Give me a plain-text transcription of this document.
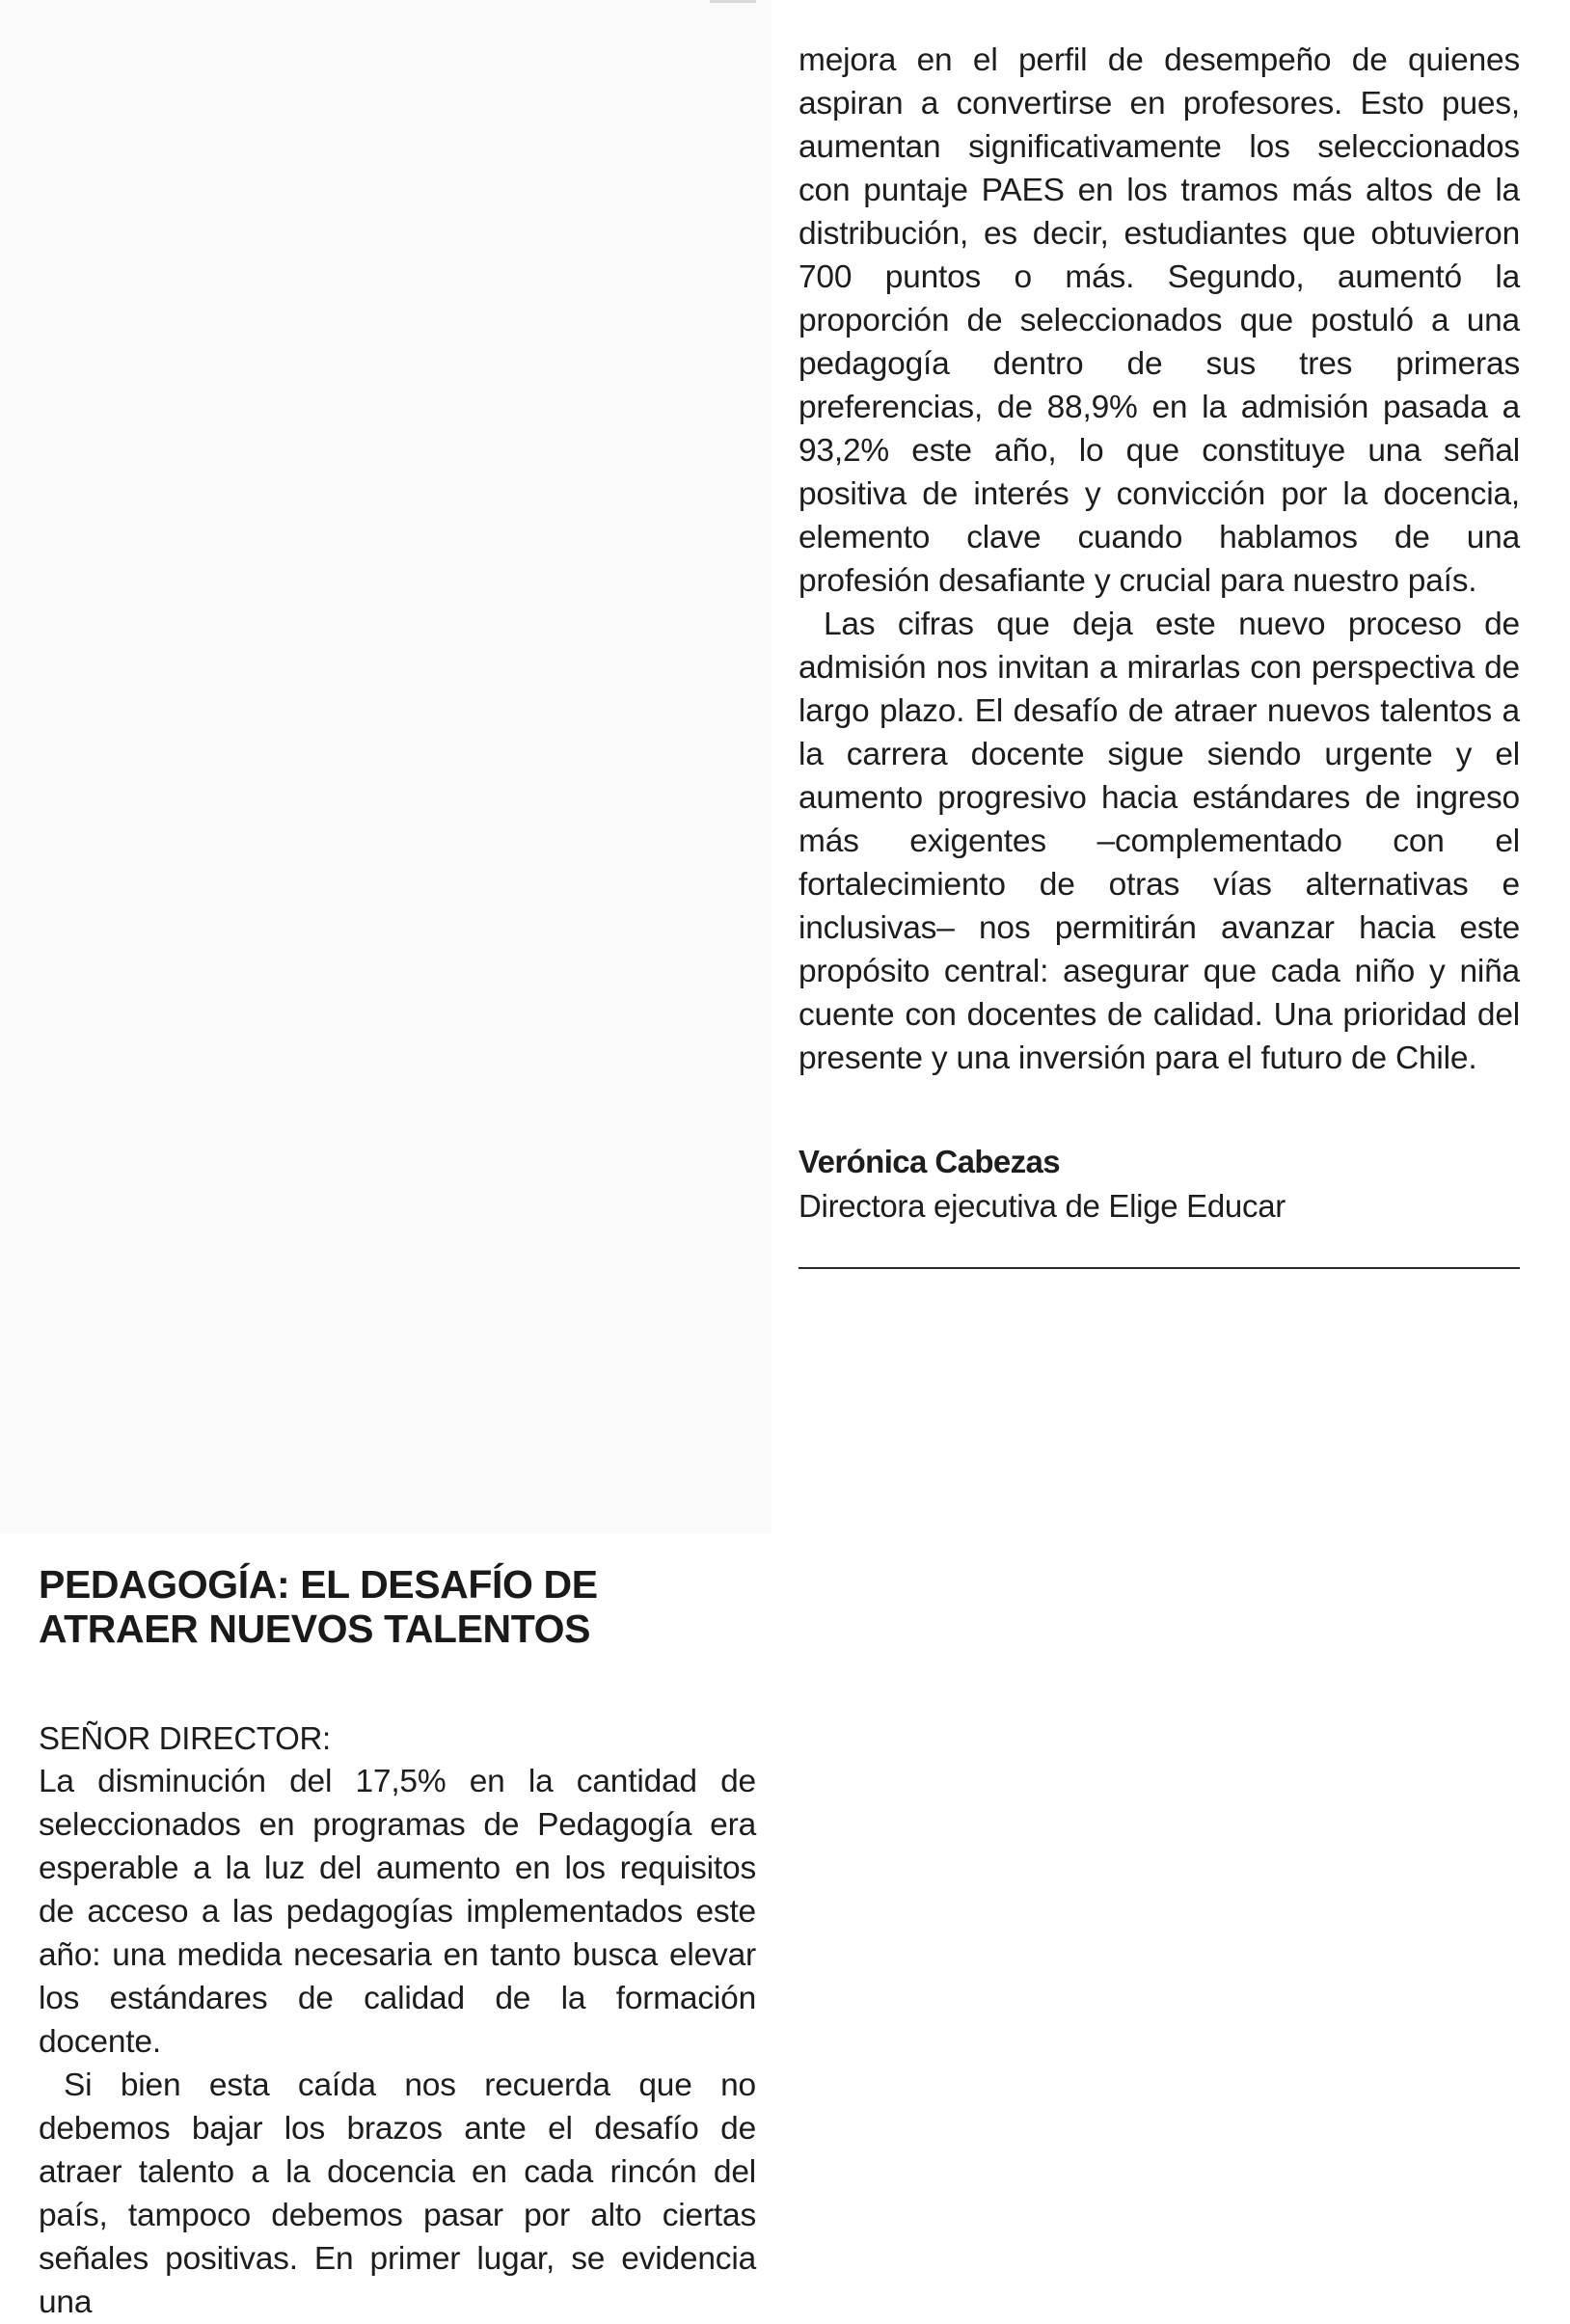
mejora en el perfil de desempeño de quienes aspiran a convertirse en profesores. Esto pues, aumentan significativamente los seleccionados con puntaje PAES en los tramos más altos de la distribución, es decir, estudiantes que obtuvieron 700 puntos o más. Segundo, aumentó la proporción de seleccionados que postuló a una pedagogía dentro de sus tres primeras preferencias, de 88,9% en la admisión pasada a 93,2% este año, lo que constituye una señal positiva de interés y convicción por la docencia, elemento clave cuando hablamos de una profesión desafiante y crucial para nuestro país.

Las cifras que deja este nuevo proceso de admisión nos invitan a mirarlas con perspectiva de largo plazo. El desafío de atraer nuevos talentos a la carrera docente sigue siendo urgente y el aumento progresivo hacia estándares de ingreso más exigentes –complementado con el fortalecimiento de otras vías alternativas e inclusivas– nos permitirán avanzar hacia este propósito central: asegurar que cada niño y niña cuente con docentes de calidad. Una prioridad del presente y una inversión para el futuro de Chile.

Verónica Cabezas
Directora ejecutiva de Elige Educar
PEDAGOGÍA: EL DESAFÍO DE ATRAER NUEVOS TALENTOS
SEÑOR DIRECTOR:

La disminución del 17,5% en la cantidad de seleccionados en programas de Pedagogía era esperable a la luz del aumento en los requisitos de acceso a las pedagogías implementados este año: una medida necesaria en tanto busca elevar los estándares de calidad de la formación docente.

Si bien esta caída nos recuerda que no debemos bajar los brazos ante el desafío de atraer talento a la docencia en cada rincón del país, tampoco debemos pasar por alto ciertas señales positivas. En primer lugar, se evidencia una
